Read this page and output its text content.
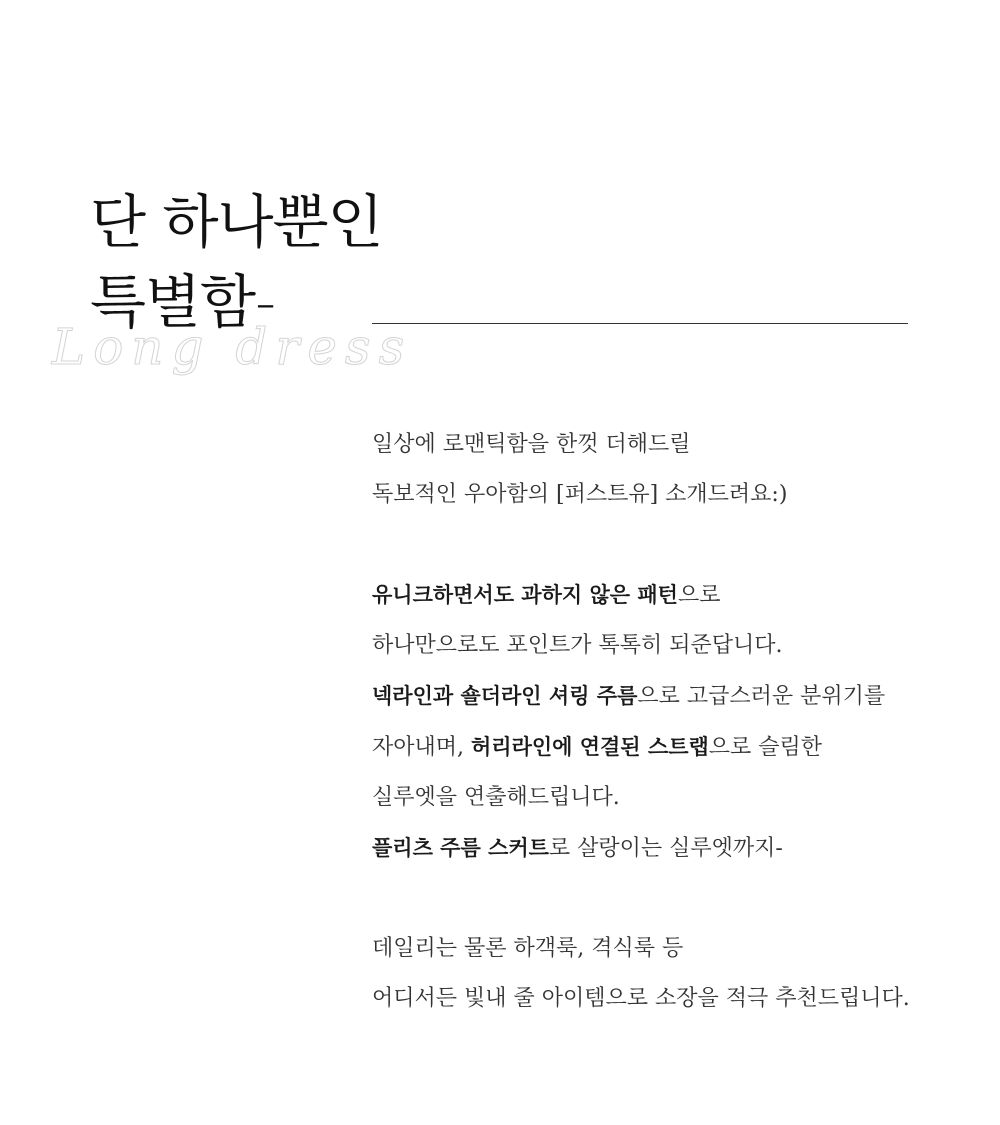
단 하나뿐인
특별함-
Long dress

일상에 로맨틱함을 한껏 더해드릴

독보적인 우아함의 [퍼스트유] 소개드려요:)

유니크하면서도 과하지 않은 패턴으로

하나만으로도 포인트가 톡톡히 되준답니다.

넥라인과 숄더라인 셔링 주름으로 고급스러운 분위기를

자아내며, 허리라인에 연결된 스트랩으로 슬림한

실루엣을 연출해드립니다.

플리츠 주름 스커트로 살랑이는 실루엣까지-

데일리는 물론 하객룩, 격식룩 등

어디서든 빛내 줄 아이템으로 소장을 적극 추천드립니다.
